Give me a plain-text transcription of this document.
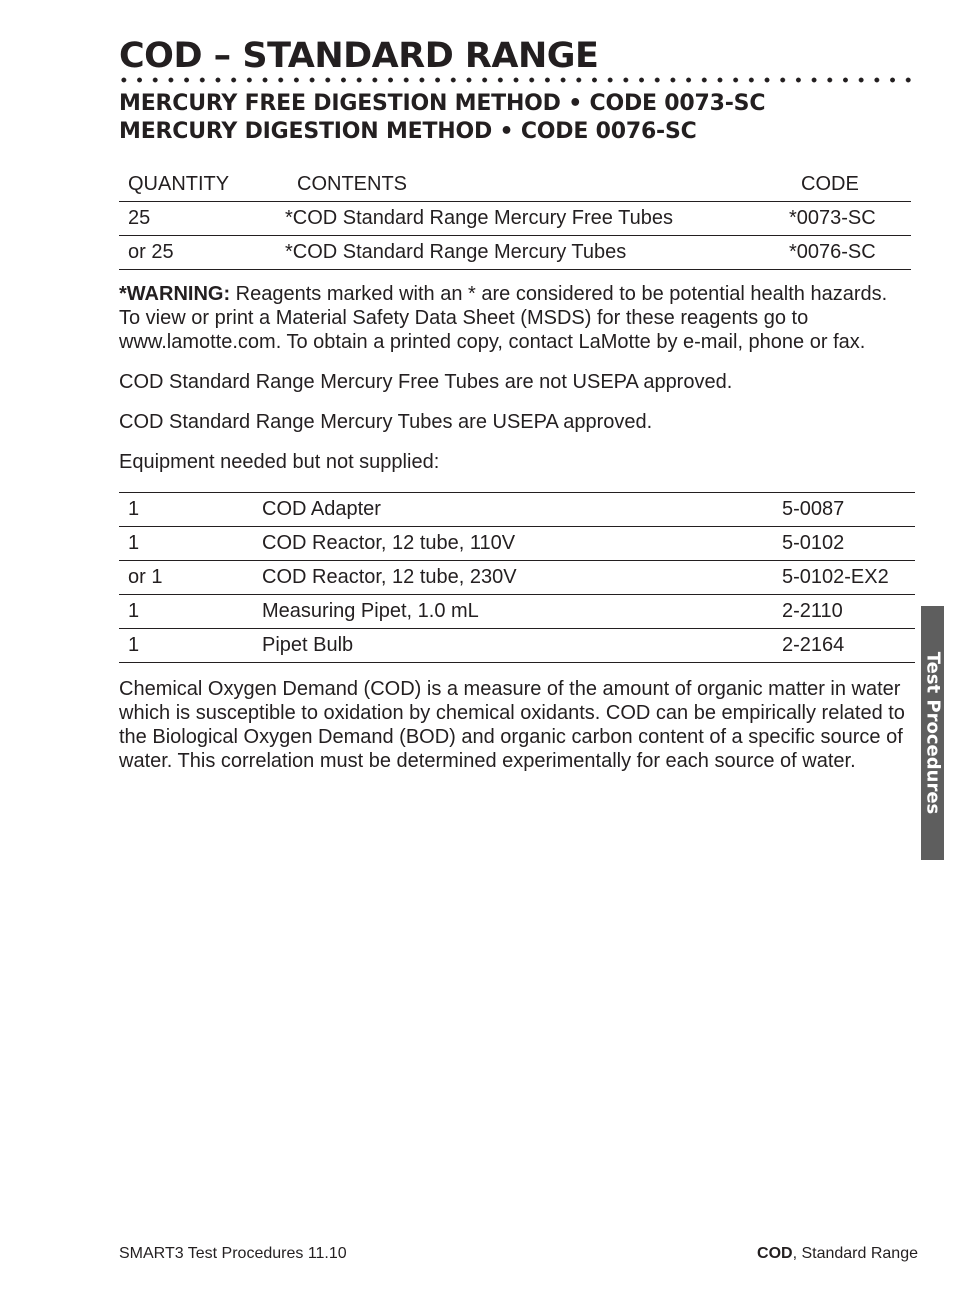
COD – STANDARD RANGE
MERCURY FREE DIGESTION METHOD • CODE 0073-SC
MERCURY DIGESTION METHOD • CODE 0076-SC
QUANTITY	CONTENTS	CODE
25	*COD Standard Range Mercury Free Tubes	*0073-SC
or 25	*COD Standard Range Mercury Tubes	*0076-SC

*WARNING: Reagents marked with an * are considered to be potential health hazards. To view or print a Material Safety Data Sheet (MSDS) for these reagents go to www.lamotte.com. To obtain a printed copy, contact LaMotte by e-mail, phone or fax.

COD Standard Range Mercury Free Tubes are not USEPA approved.

COD Standard Range Mercury Tubes are USEPA approved.

Equipment needed but not supplied:

1	COD Adapter	5-0087
1	COD Reactor, 12 tube, 110V	5-0102
or 1	COD Reactor, 12 tube, 230V	5-0102-EX2
1	Measuring Pipet, 1.0 mL	2-2110
1	Pipet Bulb	2-2164

Chemical Oxygen Demand (COD) is a measure of the amount of organic matter in water which is susceptible to oxidation by chemical oxidants. COD can be empirically related to the Biological Oxygen Demand (BOD) and organic carbon content of a specific source of water. This correlation must be determined experimentally for each source of water.	Test Procedures
SMART3 Test Procedures 11.10	COD, Standard Range
